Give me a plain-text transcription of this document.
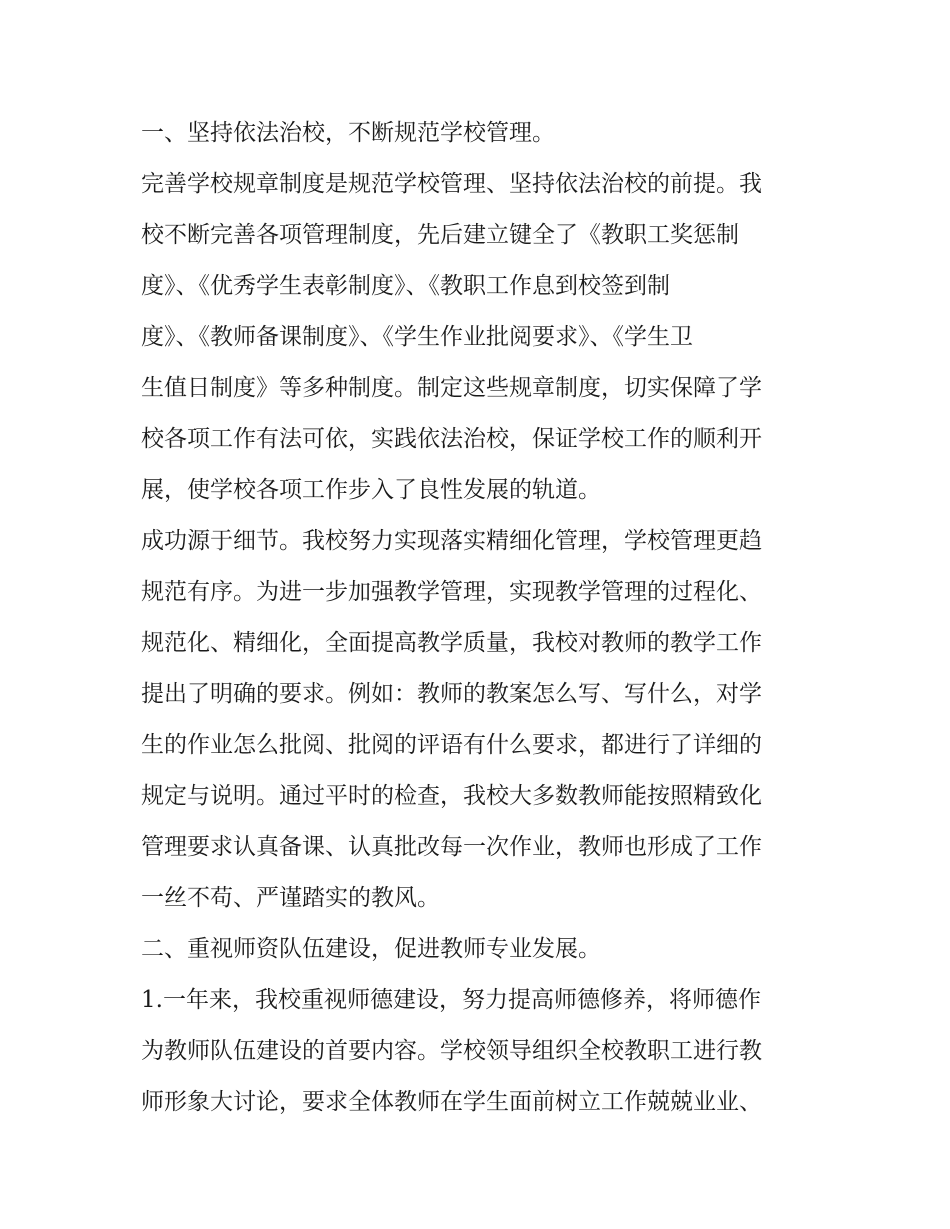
一、坚持依法治校，不断规范学校管理。
完善学校规章制度是规范学校管理、坚持依法治校的前提。我
校不断完善各项管理制度，先后建立键全了《教职工奖惩制
度》、《优秀学生表彰制度》、《教职工作息到校签到制
度》、《教师备课制度》、《学生作业批阅要求》、《学生卫
生值日制度》等多种制度。制定这些规章制度，切实保障了学
校各项工作有法可依，实践依法治校，保证学校工作的顺利开
展，使学校各项工作步入了良性发展的轨道。
成功源于细节。我校努力实现落实精细化管理，学校管理更趋
规范有序。为进一步加强教学管理，实现教学管理的过程化、
规范化、精细化，全面提高教学质量，我校对教师的教学工作
提出了明确的要求。例如：教师的教案怎么写、写什么，对学
生的作业怎么批阅、批阅的评语有什么要求，都进行了详细的
规定与说明。通过平时的检查，我校大多数教师能按照精致化
管理要求认真备课、认真批改每一次作业，教师也形成了工作
一丝不苟、严谨踏实的教风。
二、重视师资队伍建设，促进教师专业发展。
1.一年来，我校重视师德建设，努力提高师德修养，将师德作
为教师队伍建设的首要内容。学校领导组织全校教职工进行教
师形象大讨论，要求全体教师在学生面前树立工作兢兢业业、
